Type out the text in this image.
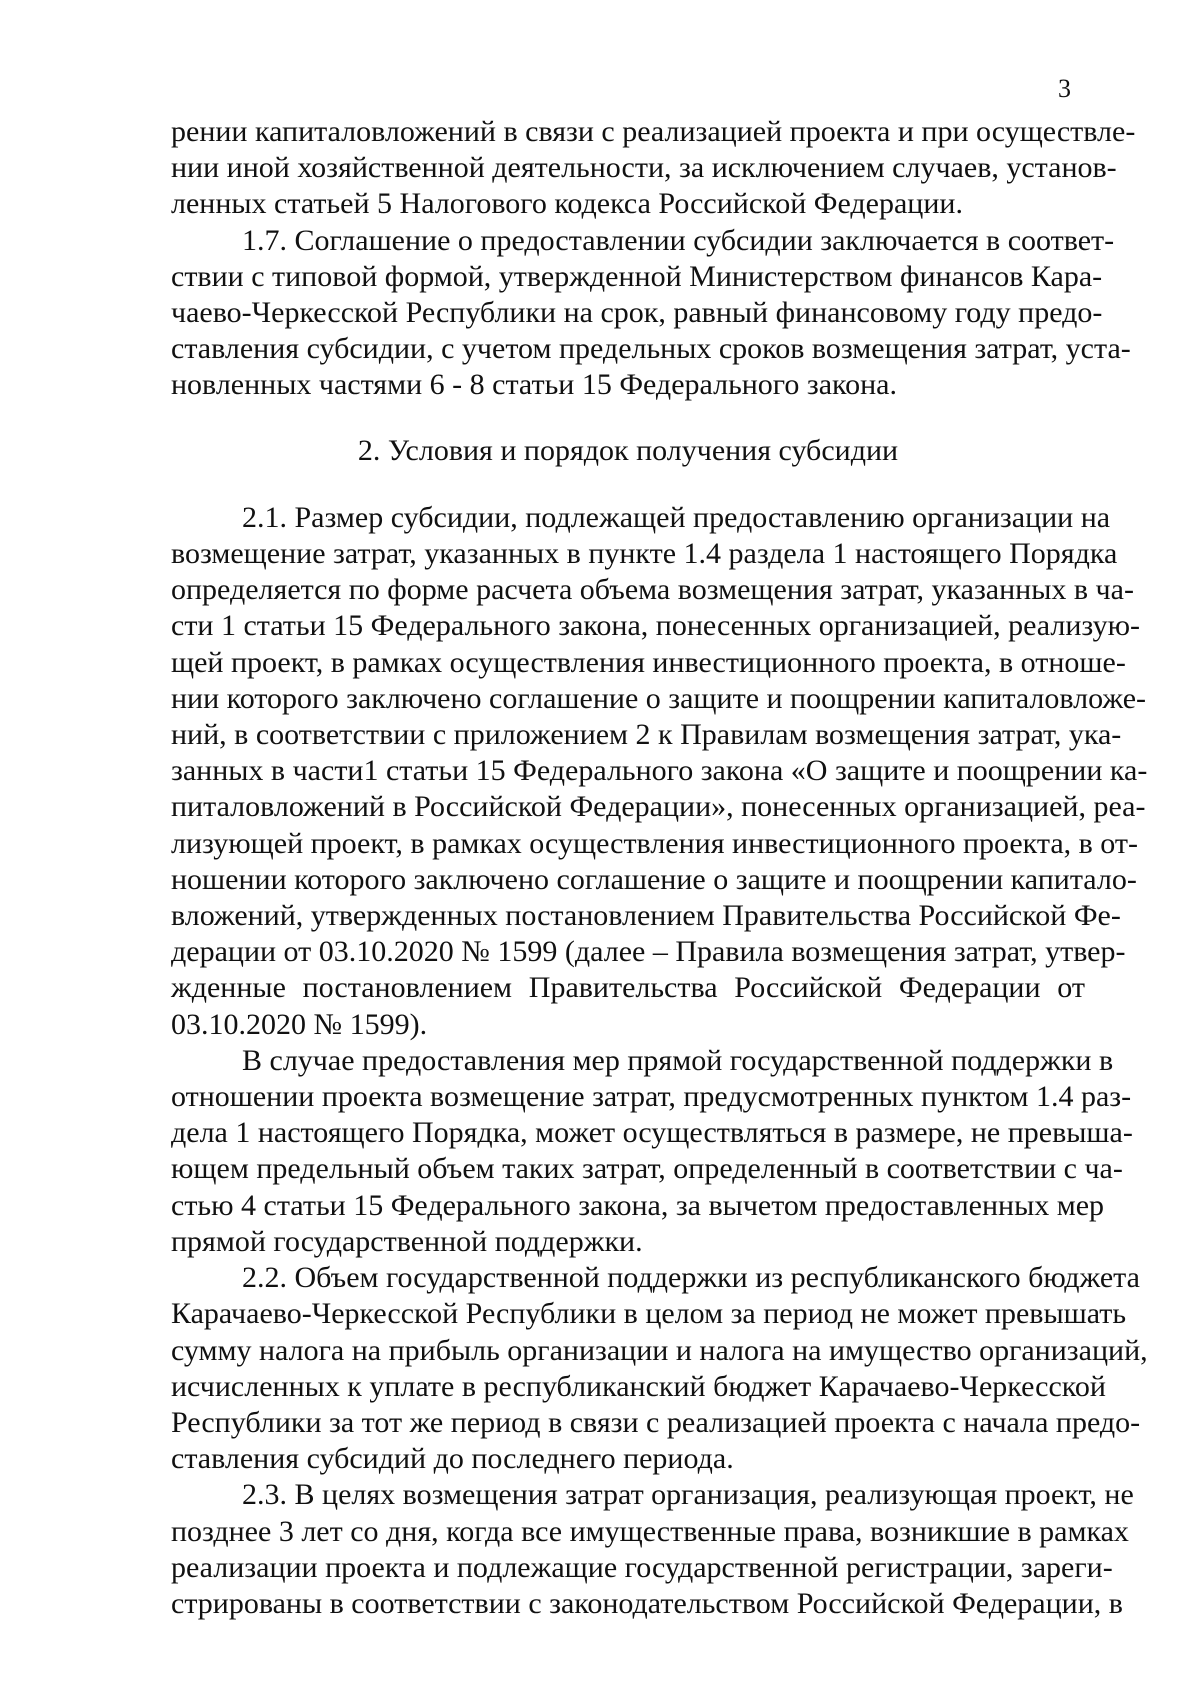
3

рении капиталовложений в связи с реализацией проекта и при осуществле-
нии иной хозяйственной деятельности, за исключением случаев, установ-
ленных статьей 5 Налогового кодекса Российской Федерации.

1.7. Соглашение о предоставлении субсидии заключается в соответ-
ствии с типовой формой, утвержденной Министерством финансов Кара-
чаево-Черкесской Республики на срок, равный финансовому году предо-
ставления субсидии, с учетом предельных сроков возмещения затрат, уста-
новленных частями 6 - 8 статьи 15 Федерального закона.

2. Условия и порядок получения субсидии

2.1. Размер субсидии, подлежащей предоставлению организации на
возмещение затрат, указанных в пункте 1.4 раздела 1 настоящего Порядка
определяется по форме расчета объема возмещения затрат, указанных в ча-
сти 1 статьи 15 Федерального закона, понесенных организацией, реализую-
щей проект, в рамках осуществления инвестиционного проекта, в отноше-
нии которого заключено соглашение о защите и поощрении капиталовложе-
ний, в соответствии с приложением 2 к Правилам возмещения затрат, ука-
занных в части1 статьи 15 Федерального закона «О защите и поощрении ка-
питаловложений в Российской Федерации», понесенных организацией, реа-
лизующей проект, в рамках осуществления инвестиционного проекта, в от-
ношении которого заключено соглашение о защите и поощрении капитало-
вложений, утвержденных постановлением Правительства Российской Фе-
дерации от 03.10.2020 № 1599 (далее – Правила возмещения затрат, утвер-
жденные постановлением Правительства Российской Федерации от
03.10.2020 № 1599).

В случае предоставления мер прямой государственной поддержки в
отношении проекта возмещение затрат, предусмотренных пунктом 1.4 раз-
дела 1 настоящего Порядка, может осуществляться в размере, не превыша-
ющем предельный объем таких затрат, определенный в соответствии с ча-
стью 4 статьи 15 Федерального закона, за вычетом предоставленных мер
прямой государственной поддержки.

2.2. Объем государственной поддержки из республиканского бюджета
Карачаево-Черкесской Республики в целом за период не может превышать
сумму налога на прибыль организации и налога на имущество организаций,
исчисленных к уплате в республиканский бюджет Карачаево-Черкесской
Республики за тот же период в связи с реализацией проекта с начала предо-
ставления субсидий до последнего периода.

2.3. В целях возмещения затрат организация, реализующая проект, не
позднее 3 лет со дня, когда все имущественные права, возникшие в рамках
реализации проекта и подлежащие государственной регистрации, зареги-
стрированы в соответствии с законодательством Российской Федерации, в
